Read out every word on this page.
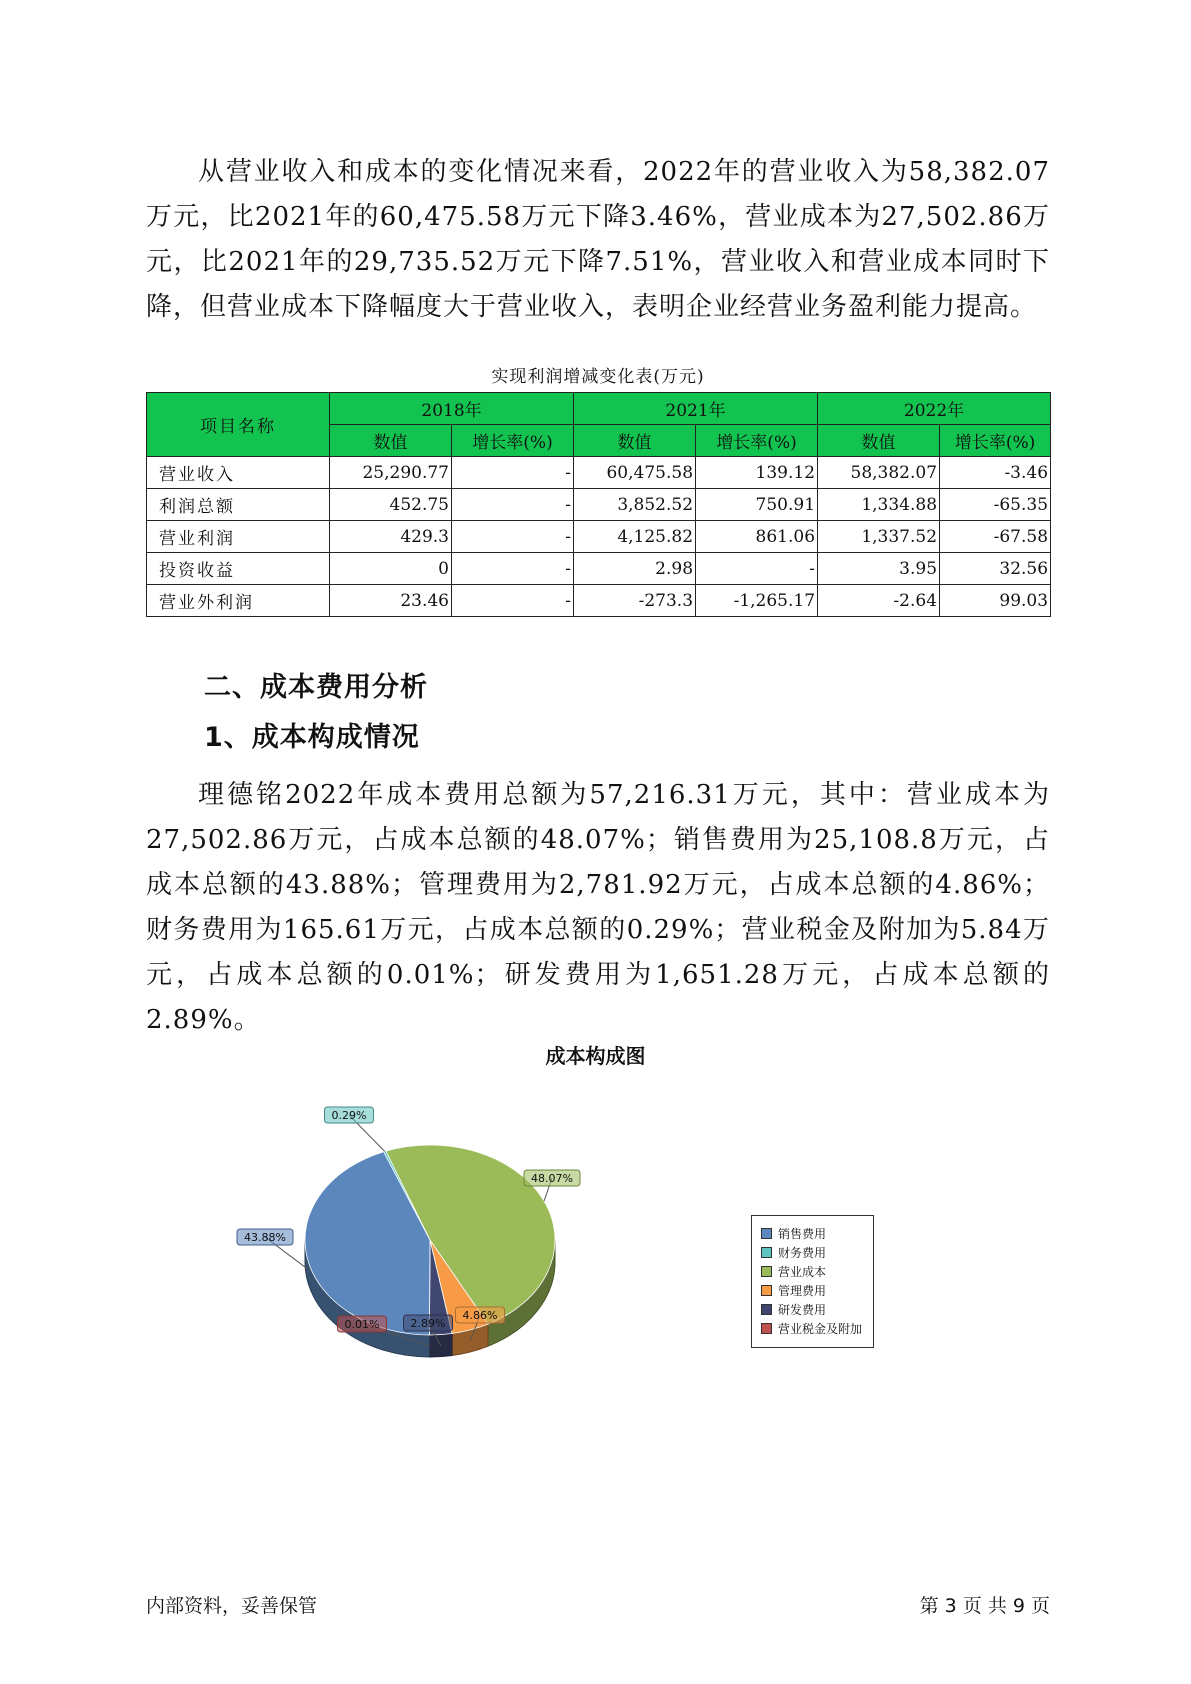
从营业收入和成本的变化情况来看，2022年的营业收入为58,382.07万元，比2021年的60,475.58万元下降3.46%，营业成本为27,502.86万元，比2021年的29,735.52万元下降7.51%，营业收入和营业成本同时下降，但营业成本下降幅度大于营业收入，表明企业经营业务盈利能力提高。

实现利润增减变化表(万元)
项目名称	2018年		2021年		2022年	
	数值	增长率(%)	数值	增长率(%)	数值	增长率(%)
营业收入	25,290.77	-	60,475.58	139.12	58,382.07	-3.46
利润总额	452.75	-	3,852.52	750.91	1,334.88	-65.35
营业利润	429.3	-	4,125.82	861.06	1,337.52	-67.58
投资收益	0	-	2.98	-	3.95	32.56
营业外利润	23.46	-	-273.3	-1,265.17	-2.64	99.03
二、成本费用分析
1、成本构成情况

理德铭2022年成本费用总额为57,216.31万元，其中：营业成本为27,502.86万元，占成本总额的48.07%；销售费用为25,108.8万元，占成本总额的43.88%；管理费用为2,781.92万元，占成本总额的4.86%；财务费用为165.61万元，占成本总额的0.29%；营业税金及附加为5.84万元，占成本总额的0.01%；研发费用为1,651.28万元，占成本总额的2.89%。

成本构成图
48.07%
4.86%
2.89%
0.01%
43.88%
0.29%
销售费用
财务费用
营业成本
管理费用
研发费用
营业税金及附加
内部资料，妥善保管	第 3 页 共 9 页
